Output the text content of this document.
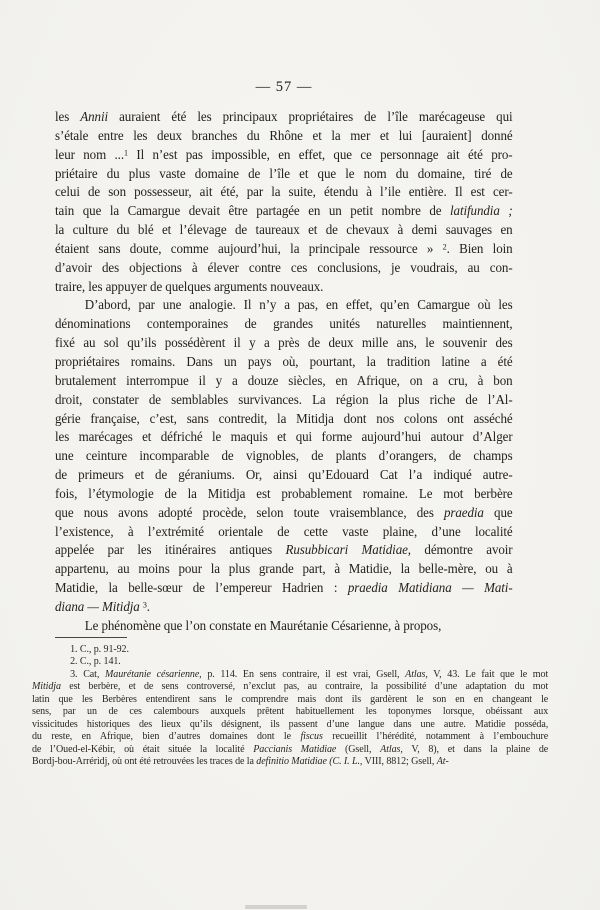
— 57 —
les Annii auraient été les principaux propriétaires de l’île marécageuse qui
s’étale entre les deux branches du Rhône et la mer et lui [auraient] donné
leur nom ...$^1$ Il n’est pas impossible, en effet, que ce personnage ait été pro-
priétaire du plus vaste domaine de l’île et que le nom du domaine, tiré de
celui de son possesseur, ait été, par la suite, étendu à l’ile entière. Il est cer-
tain que la Camargue devait être partagée en un petit nombre de latifundia ;
la culture du blé et l’élevage de taureaux et de chevaux à demi sauvages en
étaient sans doute, comme aujourd’hui, la principale ressource » $^2$. Bien loin
d’avoir des objections à élever contre ces conclusions, je voudrais, au con-
traire, les appuyer de quelques arguments nouveaux.
D’abord, par une analogie. Il n’y a pas, en effet, qu’en Camargue où les
dénominations contemporaines de grandes unités naturelles maintiennent,
fixé au sol qu’ils possédèrent il y a près de deux mille ans, le souvenir des
propriétaires romains. Dans un pays où, pourtant, la tradition latine a été
brutalement interrompue il y a douze siècles, en Afrique, on a cru, à bon
droit, constater de semblables survivances. La région la plus riche de l’Al-
gérie française, c’est, sans contredit, la Mitidja dont nos colons ont asséché
les marécages et défriché le maquis et qui forme aujourd’hui autour d’Alger
une ceinture incomparable de vignobles, de plants d’orangers, de champs
de primeurs et de géraniums. Or, ainsi qu’Edouard Cat l’a indiqué autre-
fois, l’étymologie de la Mitidja est probablement romaine. Le mot berbère
que nous avons adopté procède, selon toute vraisemblance, des praedia que
l’existence, à l’extrémité orientale de cette vaste plaine, d’une localité
appelée par les itinéraires antiques Rusubbicari Matidiae, démontre avoir
appartenu, au moins pour la plus grande part, à Matidie, la belle-mère, ou à
Matidie, la belle-sœur de l’empereur Hadrien : praedia Matidiana — Mati-
diana — Mitidja $^3$.
Le phénomène que l’on constate en Maurétanie Césarienne, à propos,
1. C., p. 91-92.
2. C., p. 141.
3. Cat, Maurétanie césarienne, p. 114. En sens contraire, il est vrai, Gsell, Atlas, V, 43. Le fait que le mot
Mitidja est berbère, et de sens controversé, n’exclut pas, au contraire, la possibilité d’une adaptation du mot
latin que les Berbères entendirent sans le comprendre mais dont ils gardèrent le son en en changeant le
sens, par un de ces calembours auxquels prêtent habituellement les toponymes lorsque, obéissant aux
vissicitudes historiques des lieux qu’ils désignent, ils passent d’une langue dans une autre. Matidie posséda,
du reste, en Afrique, bien d’autres domaines dont le fiscus recueillit l’hérédité, notamment à l’embouchure
de l’Oued-el-Kébir, où était située la localité Paccianis Matidiae (Gsell, Atlas, V, 8), et dans la plaine de
Bordj-bou-Arréridj, où ont été retrouvées les traces de la definitio Matidiae (C. I. L., VIII, 8812; Gsell, At-
